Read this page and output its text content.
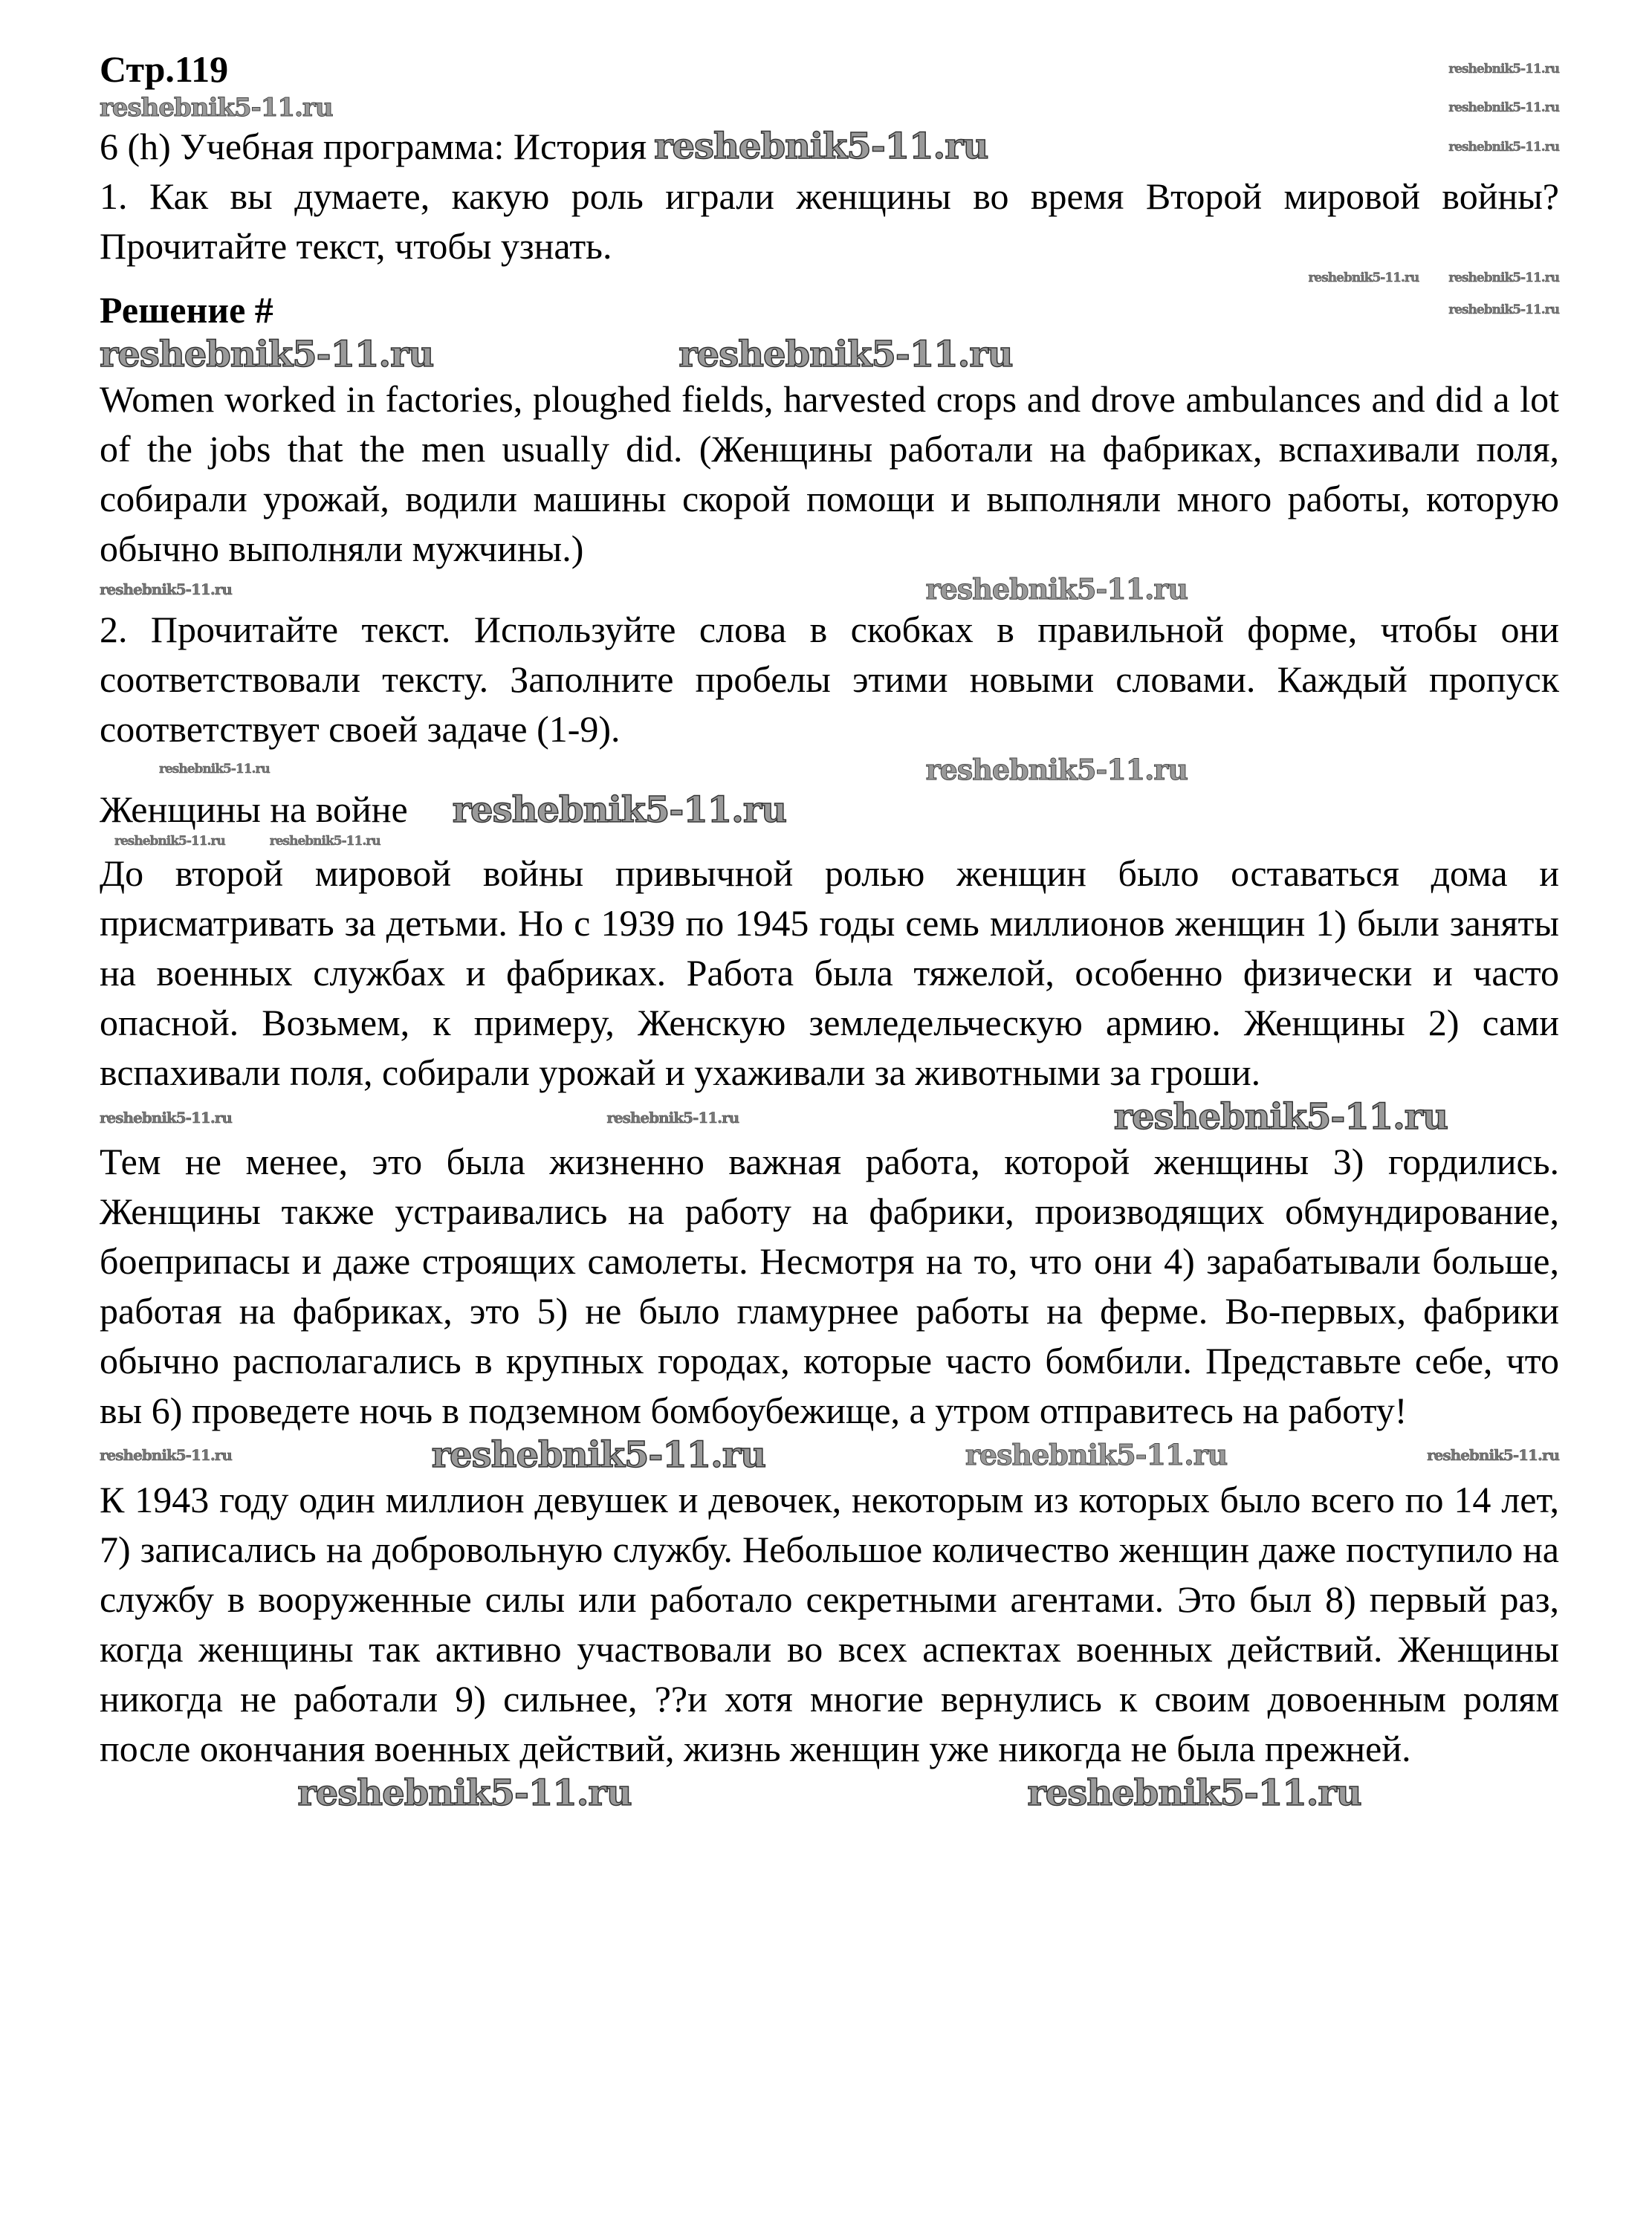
Стр.119	reshebnik5-11.ru
reshebnik5-11.ru	reshebnik5-11.ru
6 (h) Учебная программа: История reshebnik5-11.ru	reshebnik5-11.ru

1. Как вы думаете, какую роль играли женщины во время Второй мировой войны? Прочитайте текст, чтобы узнать.

reshebnik5-11.ru reshebnik5-11.ru
Решение #	reshebnik5-11.ru
reshebnik5-11.ru	reshebnik5-11.ru

Women worked in factories, ploughed fields, harvested crops and drove ambulances and did a lot of the jobs that the men usually did. (Женщины работали на фабриках, вспахивали поля, собирали урожай, водили машины скорой помощи и выполняли много работы, которую обычно выполняли мужчины.)

reshebnik5-11.ru	reshebnik5-11.ru

2. Прочитайте текст. Используйте слова в скобках в правильной форме, чтобы они соответствовали тексту. Заполните пробелы этими новыми словами. Каждый пропуск соответствует своей задаче (1-9).

reshebnik5-11.ru	reshebnik5-11.ru
Женщины на войне reshebnik5-11.ru
reshebnik5-11.ru	reshebnik5-11.ru

До второй мировой войны привычной ролью женщин было оставаться дома и присматривать за детьми. Но с 1939 по 1945 годы семь миллионов женщин 1) были заняты на военных службах и фабриках. Работа была тяжелой, особенно физически и часто опасной. Возьмем, к примеру, Женскую земледельческую армию. Женщины 2) сами вспахивали поля, собирали урожай и ухаживали за животными за гроши.

reshebnik5-11.ru	reshebnik5-11.ru	reshebnik5-11.ru

Тем не менее, это была жизненно важная работа, которой женщины 3) гордились. Женщины также устраивались на работу на фабрики, производящих обмундирование, боеприпасы и даже строящих самолеты. Несмотря на то, что они 4) зарабатывали больше, работая на фабриках, это 5) не было гламурнее работы на ферме. Во-первых, фабрики обычно располагались в крупных городах, которые часто бомбили. Представьте себе, что вы 6) проведете ночь в подземном бомбоубежище, а утром отправитесь на работу!

reshebnik5-11.ru	reshebnik5-11.ru	reshebnik5-11.ru	reshebnik5-11.ru

К 1943 году один миллион девушек и девочек, некоторым из которых было всего по 14 лет, 7) записались на добровольную службу. Небольшое количество женщин даже поступило на службу в вооруженные силы или работало секретными агентами. Это был 8) первый раз, когда женщины так активно участвовали во всех аспектах военных действий. Женщины никогда не работали 9) сильнее, ??и хотя многие вернулись к своим довоенным ролям после окончания военных действий, жизнь женщин уже никогда не была прежней.

reshebnik5-11.ru	reshebnik5-11.ru
